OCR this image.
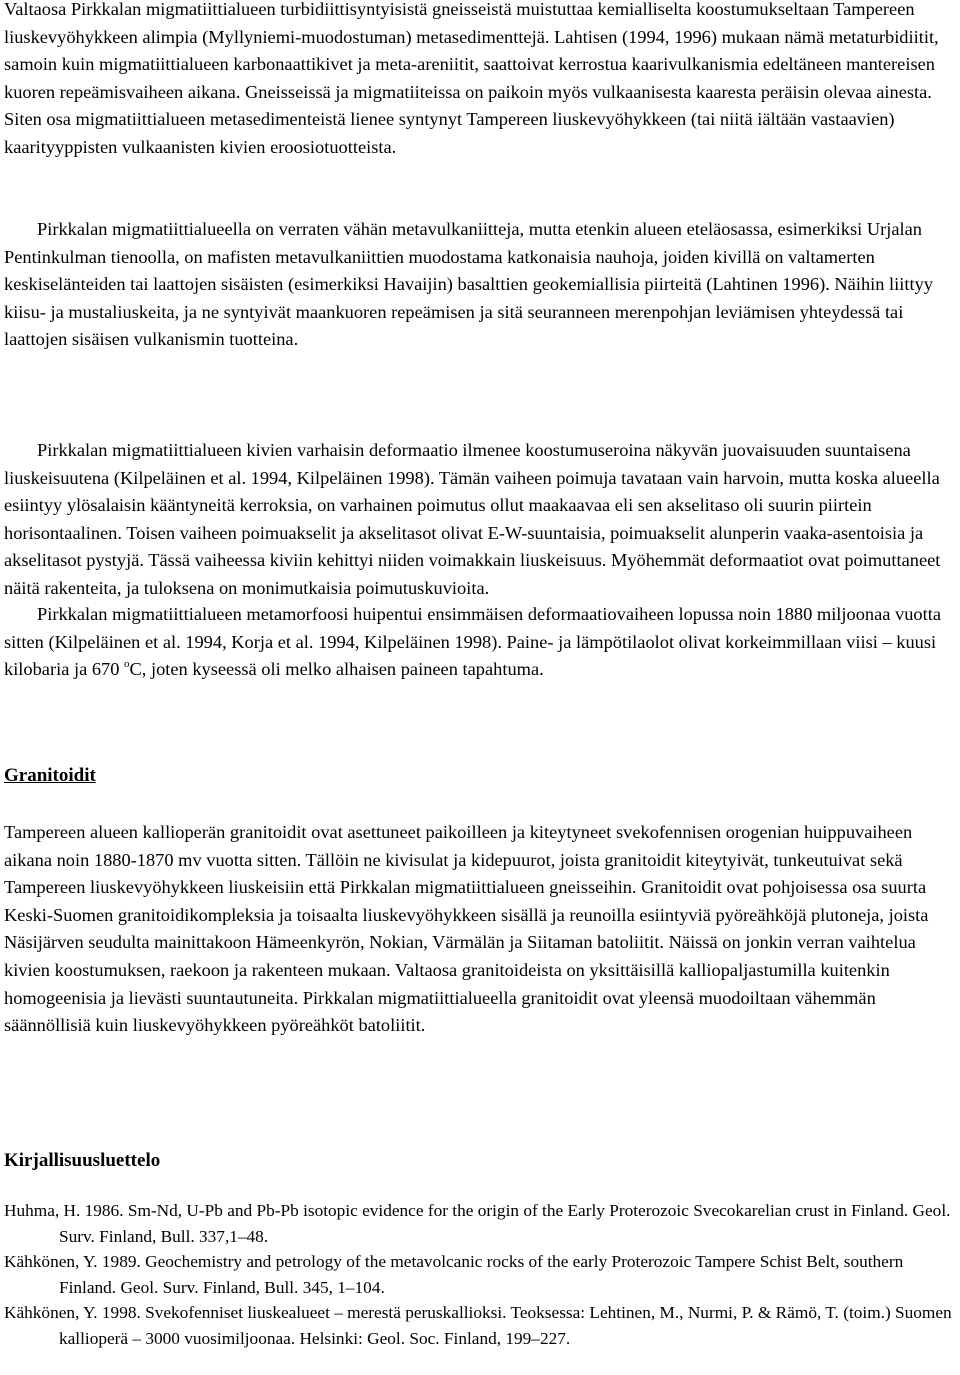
Valtaosa Pirkkalan migmatiittialueen turbidiittisyntyisistä gneisseistä muistuttaa kemialliselta koostumukseltaan Tampereen liuskevyöhykkeen alimpia (Myllyniemi-muodostuman) metasedimenttejä. Lahtisen (1994, 1996) mukaan nämä metaturbidiitit, samoin kuin migmatiittialueen karbonaattikivet ja meta-areniitit, saattoivat kerrostua kaarivulkanismia edeltäneen mantereisen kuoren repeämisvaiheen aikana. Gneisseissä ja migmatiiteissa on paikoin myös vulkaanisesta kaaresta peräisin olevaa ainesta. Siten osa migmatiittialueen metasedimenteistä lienee syntynyt Tampereen liuskevyöhykkeen (tai niitä iältään vastaavien) kaarityyppisten vulkaanisten kivien eroosiotuotteista.

Pirkkalan migmatiittialueella on verraten vähän metavulkaniitteja, mutta etenkin alueen eteläosassa, esimerkiksi Urjalan Pentinkulman tienoolla, on mafisten metavulkaniittien muodostama katkonaisia nauhoja, joiden kivillä on valtamerten keskiselänteiden tai laattojen sisäisten (esimerkiksi Havaijin) basalttien geokemiallisia piirteitä (Lahtinen 1996). Näihin liittyy kiisu- ja mustaliuskeita, ja ne syntyivät maankuoren repeämisen ja sitä seuranneen merenpohjan leviämisen yhteydessä tai laattojen sisäisen vulkanismin tuotteina.

Pirkkalan migmatiittialueen kivien varhaisin deformaatio ilmenee koostumuseroina näkyvän juovaisuuden suuntaisena liuskeisuutena (Kilpeläinen et al. 1994, Kilpeläinen 1998). Tämän vaiheen poimuja tavataan vain harvoin, mutta koska alueella esiintyy ylösalaisin kääntyneitä kerroksia, on varhainen poimutus ollut maakaavaa eli sen akselitaso oli suurin piirtein horisontaalinen. Toisen vaiheen poimuakselit ja akselitasot olivat E-W-suuntaisia, poimuakselit alunperin vaaka-asentoisia ja akselitasot pystyjä. Tässä vaiheessa kiviin kehittyi niiden voimakkain liuskeisuus. Myöhemmät deformaatiot ovat poimuttaneet näitä rakenteita, ja tuloksena on monimutkaisia poimutuskuvioita.

Pirkkalan migmatiittialueen metamorfoosi huipentui ensimmäisen deformaatiovaiheen lopussa noin 1880 miljoonaa vuotta sitten (Kilpeläinen et al. 1994, Korja et al. 1994, Kilpeläinen 1998). Paine- ja lämpötilaolot olivat korkeimmillaan viisi – kuusi kilobaria ja 670 $^o$C, joten kyseessä oli melko alhaisen paineen tapahtuma.

Granitoidit

Tampereen alueen kallioperän granitoidit ovat asettuneet paikoilleen ja kiteytyneet svekofennisen orogenian huippuvaiheen aikana noin 1880-1870 mv vuotta sitten. Tällöin ne kivisulat ja kidepuurot, joista granitoidit kiteytyivät, tunkeutuivat sekä Tampereen liuskevyöhykkeen liuskeisiin että Pirkkalan migmatiittialueen gneisseihin. Granitoidit ovat pohjoisessa osa suurta Keski-Suomen granitoidikompleksia ja toisaalta liuskevyöhykkeen sisällä ja reunoilla esiintyviä pyöreähköjä plutoneja, joista Näsijärven seudulta mainittakoon Hämeenkyrön, Nokian, Värmälän ja Siitaman batoliitit. Näissä on jonkin verran vaihtelua kivien koostumuksen, raekoon ja rakenteen mukaan. Valtaosa granitoideista on yksittäisillä kalliopaljastumilla kuitenkin homogeenisia ja lievästi suuntautuneita. Pirkkalan migmatiittialueella granitoidit ovat yleensä muodoiltaan vähemmän säännöllisiä kuin liuskevyöhykkeen pyöreähköt batoliitit.

Kirjallisuusluettelo

Huhma, H. 1986. Sm-Nd, U-Pb and Pb-Pb isotopic evidence for the origin of the Early Proterozoic Svecokarelian crust in Finland. Geol. Surv. Finland, Bull. 337,1–48.

Kähkönen, Y. 1989. Geochemistry and petrology of the metavolcanic rocks of the early Proterozoic Tampere Schist Belt, southern Finland. Geol. Surv. Finland, Bull. 345, 1–104.

Kähkönen, Y. 1998. Svekofenniset liuskealueet – merestä peruskallioksi. Teoksessa: Lehtinen, M., Nurmi, P. & Rämö, T. (toim.) Suomen kallioperä – 3000 vuosimiljoonaa. Helsinki: Geol. Soc. Finland, 199–227.
